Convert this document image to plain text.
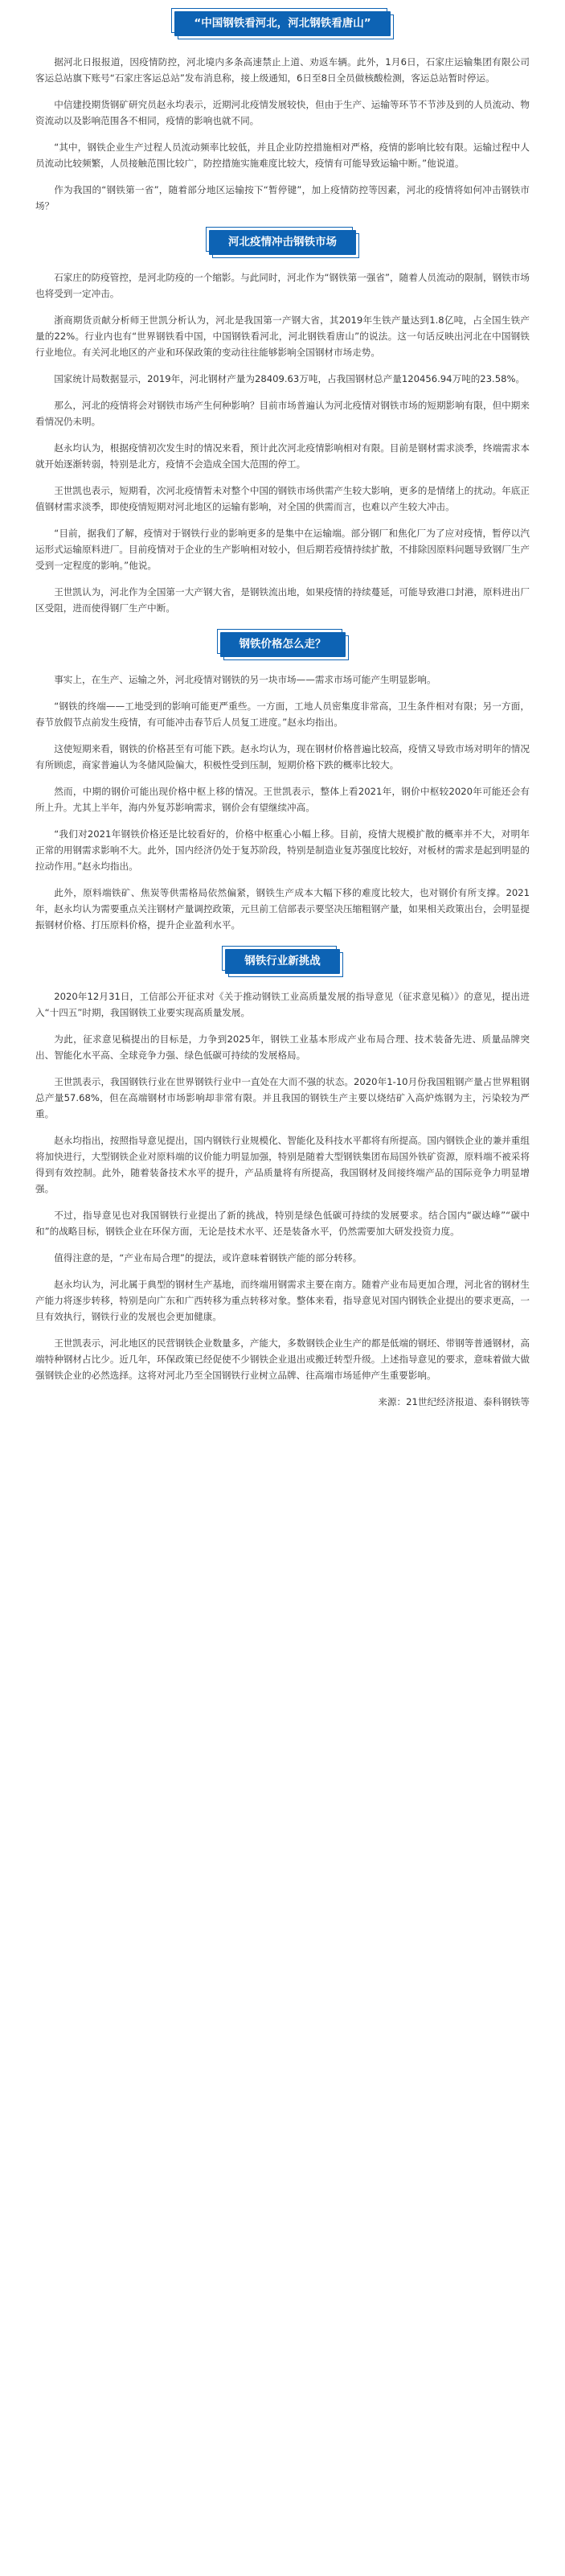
“中国钢铁看河北，河北钢铁看唐山”

据河北日报报道，因疫情防控，河北境内多条高速禁止上道、劝返车辆。此外，1月6日，石家庄运输集团有限公司客运总站旗下账号“石家庄客运总站”发布消息称，接上级通知，6日至8日全员做核酸检测，客运总站暂时停运。

中信建投期货钢矿研究员赵永均表示，近期河北疫情发展较快，但由于生产、运输等环节不节涉及到的人员流动、物资流动以及影响范围各不相同，疫情的影响也就不同。

“其中，钢铁企业生产过程人员流动频率比较低，并且企业防控措施相对严格，疫情的影响比较有限。运输过程中人员流动比较频繁，人员接触范围比较广，防控措施实施难度比较大，疫情有可能导致运输中断。”他说道。

作为我国的“钢铁第一省”，随着部分地区运输按下“暂停键”，加上疫情防控等因素，河北的疫情将如何冲击钢铁市场？

河北疫情冲击钢铁市场

石家庄的防疫管控，是河北防疫的一个缩影。与此同时，河北作为“钢铁第一强省”，随着人员流动的限制，钢铁市场也将受到一定冲击。

浙商期货贡献分析师王世凯分析认为，河北是我国第一产钢大省，其2019年生铁产量达到1.8亿吨，占全国生铁产量的22%。行业内也有“世界钢铁看中国，中国钢铁看河北，河北钢铁看唐山”的说法。这一句话反映出河北在中国钢铁行业地位。有关河北地区的产业和环保政策的变动往往能够影响全国钢材市场走势。

国家统计局数据显示，2019年，河北钢材产量为28409.63万吨，占我国钢材总产量120456.94万吨的23.58%。

那么，河北的疫情将会对钢铁市场产生何种影响？目前市场普遍认为河北疫情对钢铁市场的短期影响有限，但中期来看情况仍未明。

赵永均认为，根据疫情初次发生时的情况来看，预计此次河北疫情影响相对有限。目前是钢材需求淡季，终端需求本就开始逐渐转弱，特别是北方，疫情不会造成全国大范围的停工。

王世凯也表示，短期看，次河北疫情暂未对整个中国的钢铁市场供需产生较大影响，更多的是情绪上的扰动。年底正值钢材需求淡季，即使疫情短期对河北地区的运输有影响，对全国的供需而言，也难以产生较大冲击。

“目前，据我们了解，疫情对于钢铁行业的影响更多的是集中在运输端。部分钢厂和焦化厂为了应对疫情，暂停以汽运形式运输原料进厂。目前疫情对于企业的生产影响相对较小，但后期若疫情持续扩散，不排除因原料问题导致钢厂生产受到一定程度的影响。”他说。

王世凯认为，河北作为全国第一大产钢大省，是钢铁流出地，如果疫情的持续蔓延，可能导致港口封港，原料进出厂区受阻，进而使得钢厂生产中断。

钢铁价格怎么走？

事实上，在生产、运输之外，河北疫情对钢铁的另一块市场——需求市场可能产生明显影响。

“钢铁的终端——工地受到的影响可能更严重些。一方面，工地人员密集度非常高，卫生条件相对有限；另一方面，春节放假节点前发生疫情，有可能冲击春节后人员复工进度。”赵永均指出。

这使短期来看，钢铁的价格甚至有可能下跌。赵永均认为，现在钢材价格普遍比较高，疫情又导致市场对明年的情况有所顾虑，商家普遍认为冬储风险偏大，积极性受到压制，短期价格下跌的概率比较大。

然而，中期的钢价可能出现价格中枢上移的情况。王世凯表示，整体上看2021年，钢价中枢较2020年可能还会有所上升。尤其上半年，海内外复苏影响需求，钢价会有望继续冲高。

“我们对2021年钢铁价格还是比较看好的，价格中枢重心小幅上移。目前，疫情大规模扩散的概率并不大，对明年正常的用钢需求影响不大。此外，国内经济仍处于复苏阶段，特别是制造业复苏强度比较好，对板材的需求是起到明显的拉动作用。”赵永均指出。

此外，原料端铁矿、焦炭等供需格局依然偏紧，钢铁生产成本大幅下移的难度比较大，也对钢价有所支撑。2021年，赵永均认为需要重点关注钢材产量调控政策，元旦前工信部表示要坚决压缩粗钢产量，如果相关政策出台，会明显提振钢材价格、打压原料价格，提升企业盈利水平。

钢铁行业新挑战

2020年12月31日，工信部公开征求对《关于推动钢铁工业高质量发展的指导意见（征求意见稿）》的意见，提出进入“十四五”时期，我国钢铁工业要实现高质量发展。

为此，征求意见稿提出的目标是，力争到2025年，钢铁工业基本形成产业布局合理、技术装备先进、质量品牌突出、智能化水平高、全球竞争力强、绿色低碳可持续的发展格局。

王世凯表示，我国钢铁行业在世界钢铁行业中一直处在大而不强的状态。2020年1-10月份我国粗钢产量占世界粗钢总产量57.68%，但在高端钢材市场影响却非常有限。并且我国的钢铁生产主要以烧结矿入高炉炼钢为主，污染较为严重。

赵永均指出，按照指导意见提出，国内钢铁行业规模化、智能化及科技水平都将有所提高。国内钢铁企业的兼并重组将加快进行，大型钢铁企业对原料端的议价能力明显加强，特别是随着大型钢铁集团布局国外铁矿资源，原料端不被采将得到有效控制。此外，随着装备技术水平的提升，产品质量将有所提高，我国钢材及间接终端产品的国际竞争力明显增强。

不过，指导意见也对我国钢铁行业提出了新的挑战，特别是绿色低碳可持续的发展要求。结合国内“碳达峰”“碳中和”的战略目标，钢铁企业在环保方面，无论是技术水平、还是装备水平，仍然需要加大研发投资力度。

值得注意的是，“产业布局合理”的提法，或许意味着钢铁产能的部分转移。

赵永均认为，河北属于典型的钢材生产基地，而终端用钢需求主要在南方。随着产业布局更加合理，河北省的钢材生产能力将逐步转移，特别是向广东和广西转移为重点转移对象。整体来看，指导意见对国内钢铁企业提出的要求更高，一旦有效执行，钢铁行业的发展也会更加健康。

王世凯表示，河北地区的民营钢铁企业数量多，产能大，多数钢铁企业生产的都是低端的钢坯、带钢等普通钢材，高端特种钢材占比少。近几年，环保政策已经促使不少钢铁企业退出或搬迁转型升级。上述指导意见的要求，意味着做大做强钢铁企业的必然选择。这将对河北乃至全国钢铁行业树立品牌、往高端市场延伸产生重要影响。

来源：21世纪经济报道、泰科钢铁等
